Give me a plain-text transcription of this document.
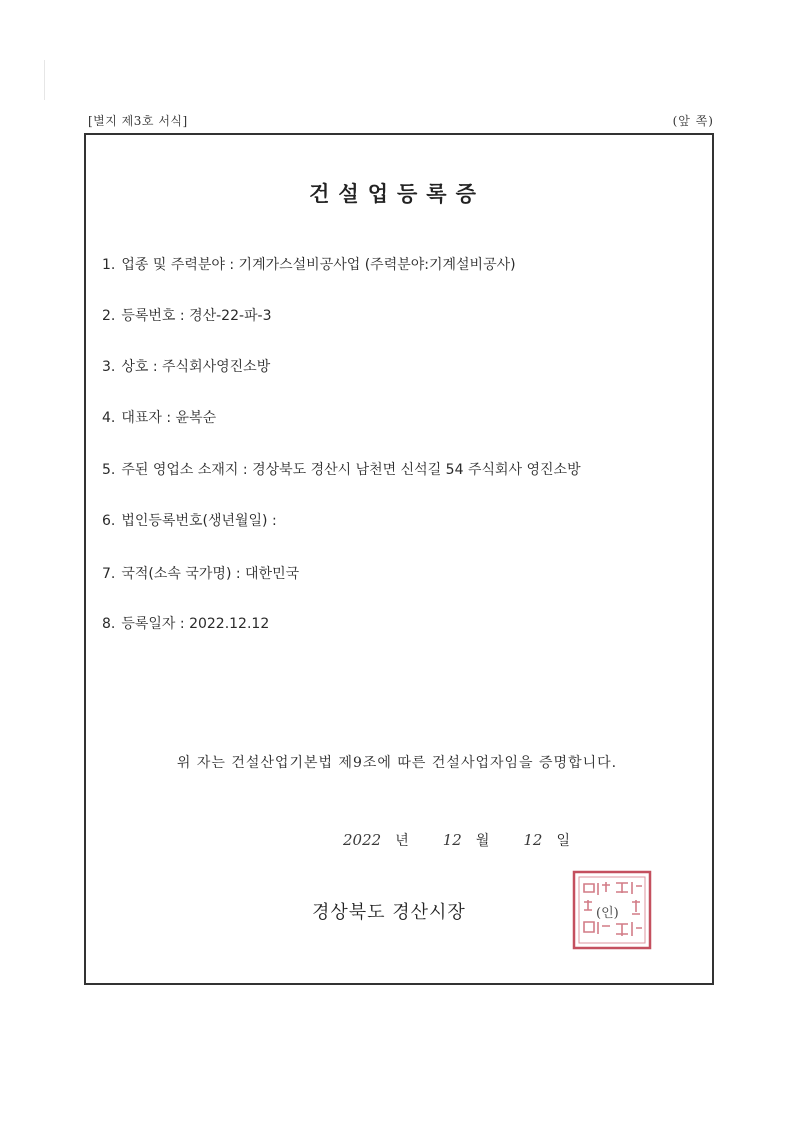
[별지 제3호 서식]	(앞 쪽)
건설업등록증
1. 업종 및 주력분야 : 기계가스설비공사업 (주력분야:기계설비공사)
2. 등록번호 : 경산-22-파-3
3. 상호 : 주식회사영진소방
4. 대표자 : 윤복순
5. 주된 영업소 소재지 : 경상북도 경산시 남천면 신석길 54 주식회사 영진소방
6. 법인등록번호(생년월일) :
7. 국적(소속 국가명) : 대한민국
8. 등록일자 : 2022.12.12
위 자는 건설산업기본법 제9조에 따른 건설사업자임을 증명합니다.
2022 년 12 월 12 일
경상북도 경산시장	(인)
